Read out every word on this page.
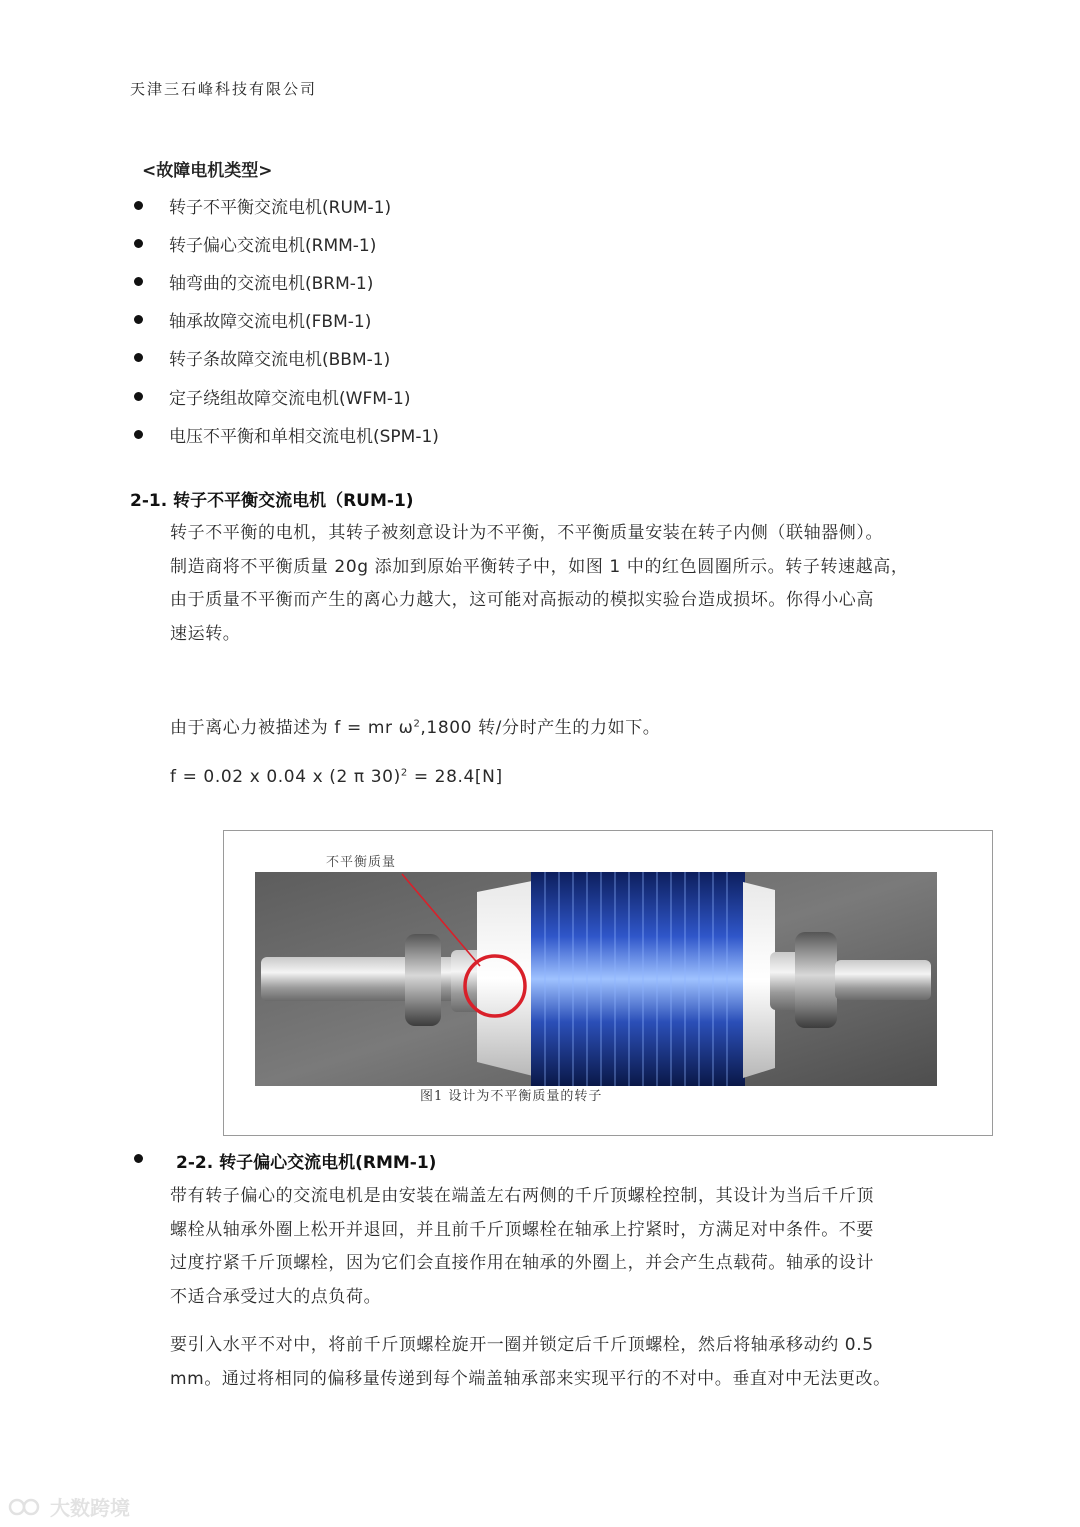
天津三石峰科技有限公司
<故障电机类型>
转子不平衡交流电机(RUM-1)
转子偏心交流电机(RMM-1)
轴弯曲的交流电机(BRM-1)
轴承故障交流电机(FBM-1)
转子条故障交流电机(BBM-1)
定子绕组故障交流电机(WFM-1)
电压不平衡和单相交流电机(SPM-1)
2-1. 转子不平衡交流电机（RUM-1)
转子不平衡的电机，其转子被刻意设计为不平衡，不平衡质量安装在转子内侧（联轴器侧）。
制造商将不平衡质量 20g 添加到原始平衡转子中，如图 1 中的红色圆圈所示。转子转速越高，
由于质量不平衡而产生的离心力越大，这可能对高振动的模拟实验台造成损坏。你得小心高
速运转。
由于离心力被描述为 f = mr $\omega^2,1800$ 转/分时产生的力如下。
f = 0.02 x 0.04 x (2 π 30)$^2$ = 28.4[N]
不平衡质量
图1 设计为不平衡质量的转子
2-2. 转子偏心交流电机(RMM-1)
带有转子偏心的交流电机是由安装在端盖左右两侧的千斤顶螺栓控制，其设计为当后千斤顶
螺栓从轴承外圈上松开并退回，并且前千斤顶螺栓在轴承上拧紧时，方满足对中条件。不要
过度拧紧千斤顶螺栓，因为它们会直接作用在轴承的外圈上，并会产生点载荷。轴承的设计
不适合承受过大的点负荷。
要引入水平不对中，将前千斤顶螺栓旋开一圈并锁定后千斤顶螺栓，然后将轴承移动约 0.5
mm。通过将相同的偏移量传递到每个端盖轴承部来实现平行的不对中。垂直对中无法更改。
大数跨境
